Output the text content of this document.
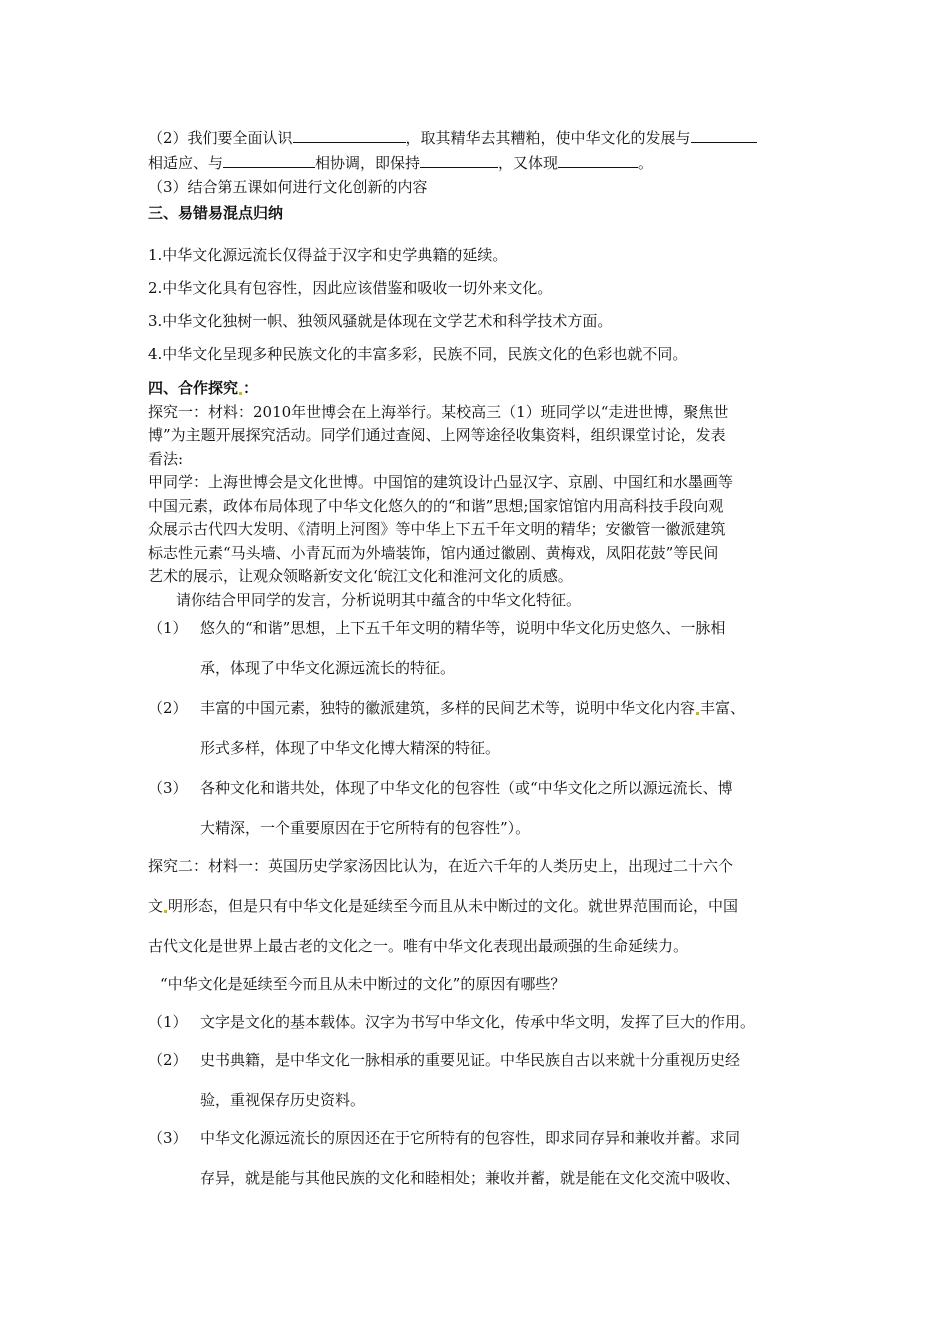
（2）我们要全面认识	，取其精华去其糟粕，使中华文化的发展与
相适应、与	相协调，即保持	，又体现	。
（3）结合第五课如何进行文化创新的内容
三、易错易混点归纳
1.中华文化源远流长仅得益于汉字和史学典籍的延续。
2.中华文化具有包容性，因此应该借鉴和吸收一切外来文化。
3.中华文化独树一帜、独领风骚就是体现在文学艺术和科学技术方面。
4.中华文化呈现多种民族文化的丰富多彩，民族不同，民族文化的色彩也就不同。
四、合作探究 ：
探究一：材料：2010年世博会在上海举行。某校高三（1）班同学以“走进世博，聚焦世
博”为主题开展探究活动。同学们通过查阅、上网等途径收集资料，组织课堂讨论，发表
看法:
甲同学：上海世博会是文化世博。中国馆的建筑设计凸显汉字、京剧、中国红和水墨画等
中国元素，政体布局体现了中华文化悠久的的“和谐”思想;国家馆馆内用高科技手段向观
众展示古代四大发明、《清明上河图》等中华上下五千年文明的精华；安徽管一徽派建筑
标志性元素“马头墙、小青瓦而为外墙装饰，馆内通过徽剧、黄梅戏，凤阳花鼓”等民间
艺术的展示，让观众领略新安文化‘皖江文化和淮河文化的质感。
请你结合甲同学的发言，分析说明其中蕴含的中华文化特征。
（1） 悠久的“和谐”思想，上下五千年文明的精华等，说明中华文化历史悠久、一脉相
承，体现了中华文化源远流长的特征。
（2） 丰富的中国元素，独特的徽派建筑，多样的民间艺术等，说明中华文化内容 丰富、
形式多样，体现了中华文化博大精深的特征。
（3） 各种文化和谐共处，体现了中华文化的包容性（或“中华文化之所以源远流长、博
大精深，一个重要原因在于它所特有的包容性”）。
探究二：材料一：英国历史学家汤因比认为，在近六千年的人类历史上，出现过二十六个
文 明形态，但是只有中华文化是延续至今而且从未中断过的文化。就世界范围而论，中国
古代文化是世界上最古老的文化之一。唯有中华文化表现出最顽强的生命延续力。
“中华文化是延续至今而且从未中断过的文化”的原因有哪些？
（1） 文字是文化的基本载体。汉字为书写中华文化，传承中华文明，发挥了巨大的作用。
（2） 史书典籍，是中华文化一脉相承的重要见证。中华民族自古以来就十分重视历史经
验，重视保存历史资料。
（3） 中华文化源远流长的原因还在于它所特有的包容性，即求同存异和兼收并蓄。求同
存异，就是能与其他民族的文化和睦相处；兼收并蓄，就是能在文化交流中吸收、
